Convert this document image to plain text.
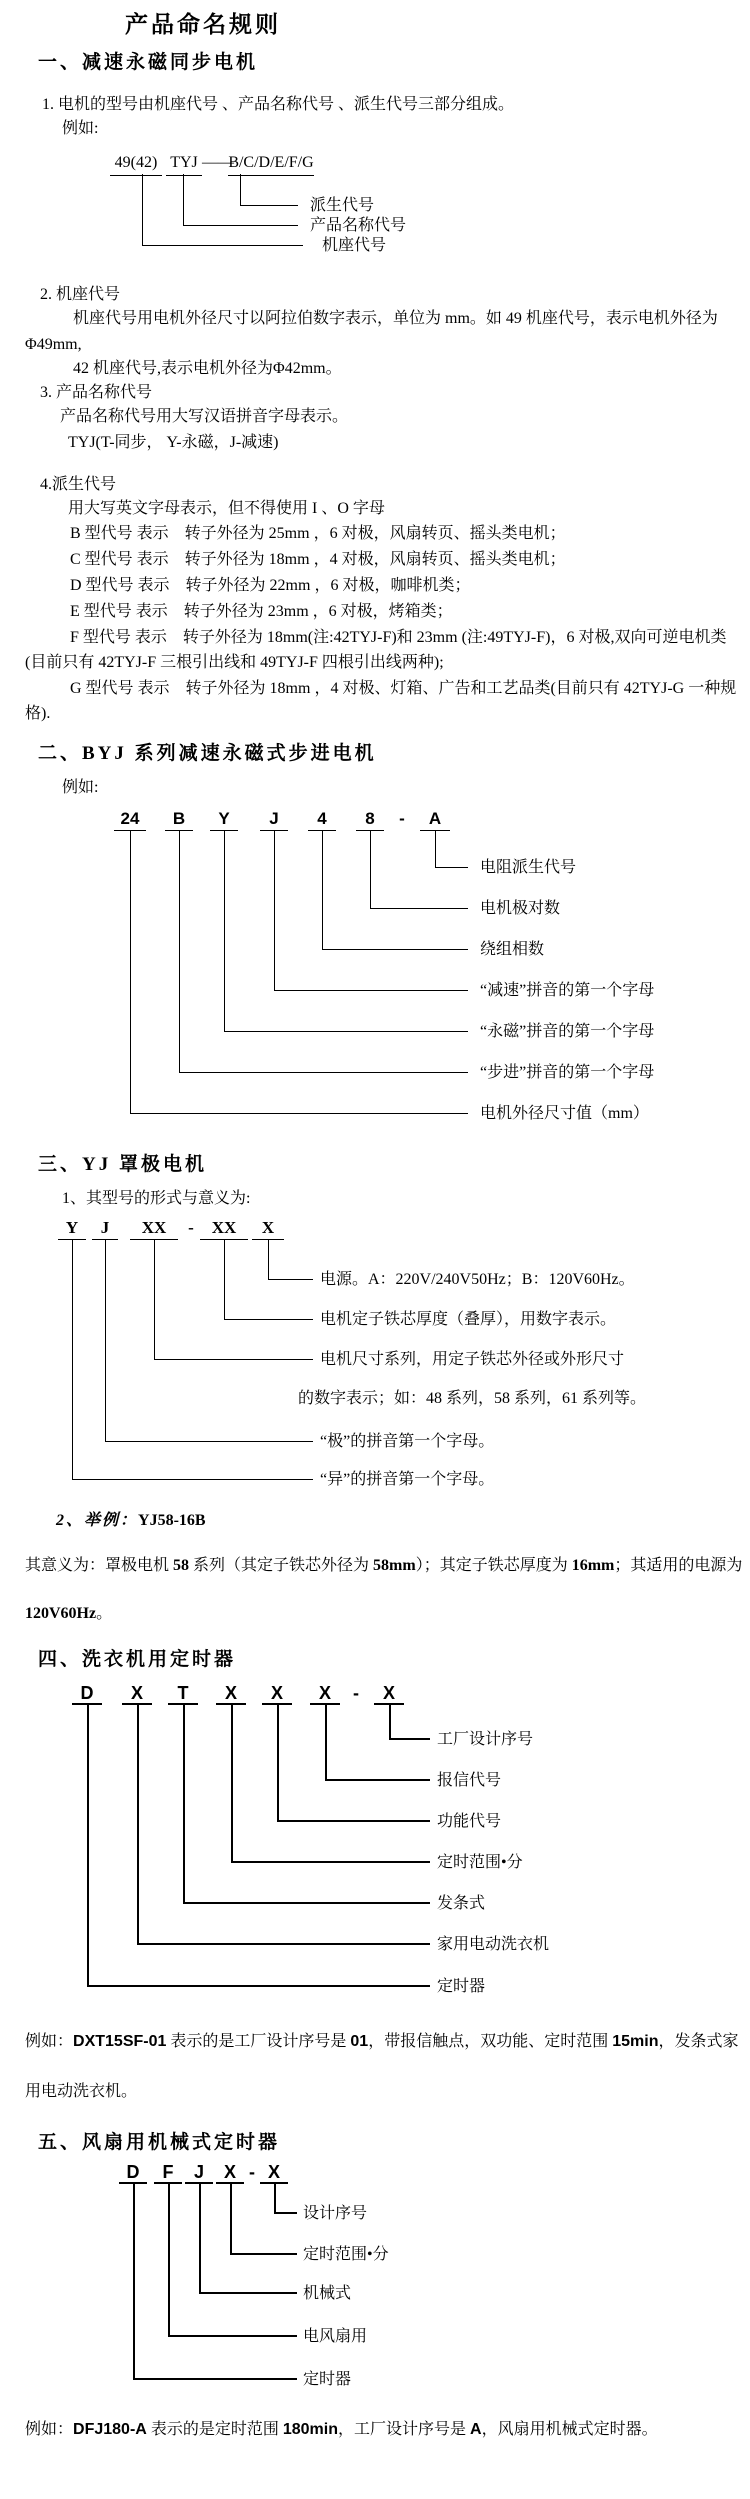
产品命名规则
一、减速永磁同步电机

1. 电机的型号由机座代号 、产品名称代号 、派生代号三部分组成。

例如:

49(42) TYJ ——
B/C/D/E/F/G
派生代号
产品名称代号
机座代号

2. 机座代号

机座代号用电机外径尺寸以阿拉伯数字表示，单位为 mm。如 49 机座代号，表示电机外径为Φ49mm,

42 机座代号,表示电机外径为Φ42mm。

3. 产品名称代号

产品名称代号用大写汉语拼音字母表示。

TYJ(T-同步， Y-永磁，J-减速)

4.派生代号

用大写英文字母表示，但不得使用 I 、O 字母

B 型代号 表示　转子外径为 25mm ，6 对极，风扇转页、摇头类电机；

C 型代号 表示　转子外径为 18mm ，4 对极，风扇转页、摇头类电机；

D 型代号 表示　转子外径为 22mm ，6 对极，咖啡机类；

E 型代号 表示　转子外径为 23mm ，6 对极，烤箱类；

F 型代号 表示　转子外径为 18mm(注:42TYJ-F)和 23mm (注:49TYJ-F)，6 对极,双向可逆电机类 (目前只有 42TYJ-F 三根引出线和 49TYJ-F 四根引出线两种);

G 型代号 表示　转子外径为 18mm ，4 对极、灯箱、广告和工艺品类(目前只有 42TYJ-G 一种规格).

二、BYJ 系列减速永磁式步进电机

例如:

24	B	Y	J	4	8	-	A
电阻派生代号
电机极对数
绕组相数
“减速”拼音的第一个字母
“永磁”拼音的第一个字母
“步进”拼音的第一个字母
电机外径尺寸值（mm）
三、YJ 罩极电机

1、其型号的形式与意义为:

Y	J	XX	-	XX	X
电源。A：220V/240V50Hz；B：120V60Hz。
电机定子铁芯厚度（叠厚），用数字表示。
电机尺寸系列，用定子铁芯外径或外形尺寸
的数字表示；如：48 系列，58 系列，61 系列等。
“极”的拼音第一个字母。
“异”的拼音第一个字母。

2、举例：YJ58-16B

其意义为：罩极电机 58 系列（其定子铁芯外径为 58mm）；其定子铁芯厚度为 16mm；其适用的电源为 120V60Hz。

四、洗衣机用定时器
D	X	T	X	X	X	-	X
工厂设计序号
报信代号
功能代号
定时范围•分
发条式
家用电动洗衣机
定时器

例如：DXT15SF-01 表示的是工厂设计序号是 01，带报信触点，双功能、定时范围 15min，发条式家用电动洗衣机。

五、风扇用机械式定时器
D	F	J	X - X
设计序号
定时范围•分
机械式
电风扇用
定时器

例如：DFJ180-A 表示的是定时范围 180min，工厂设计序号是 A，风扇用机械式定时器。
